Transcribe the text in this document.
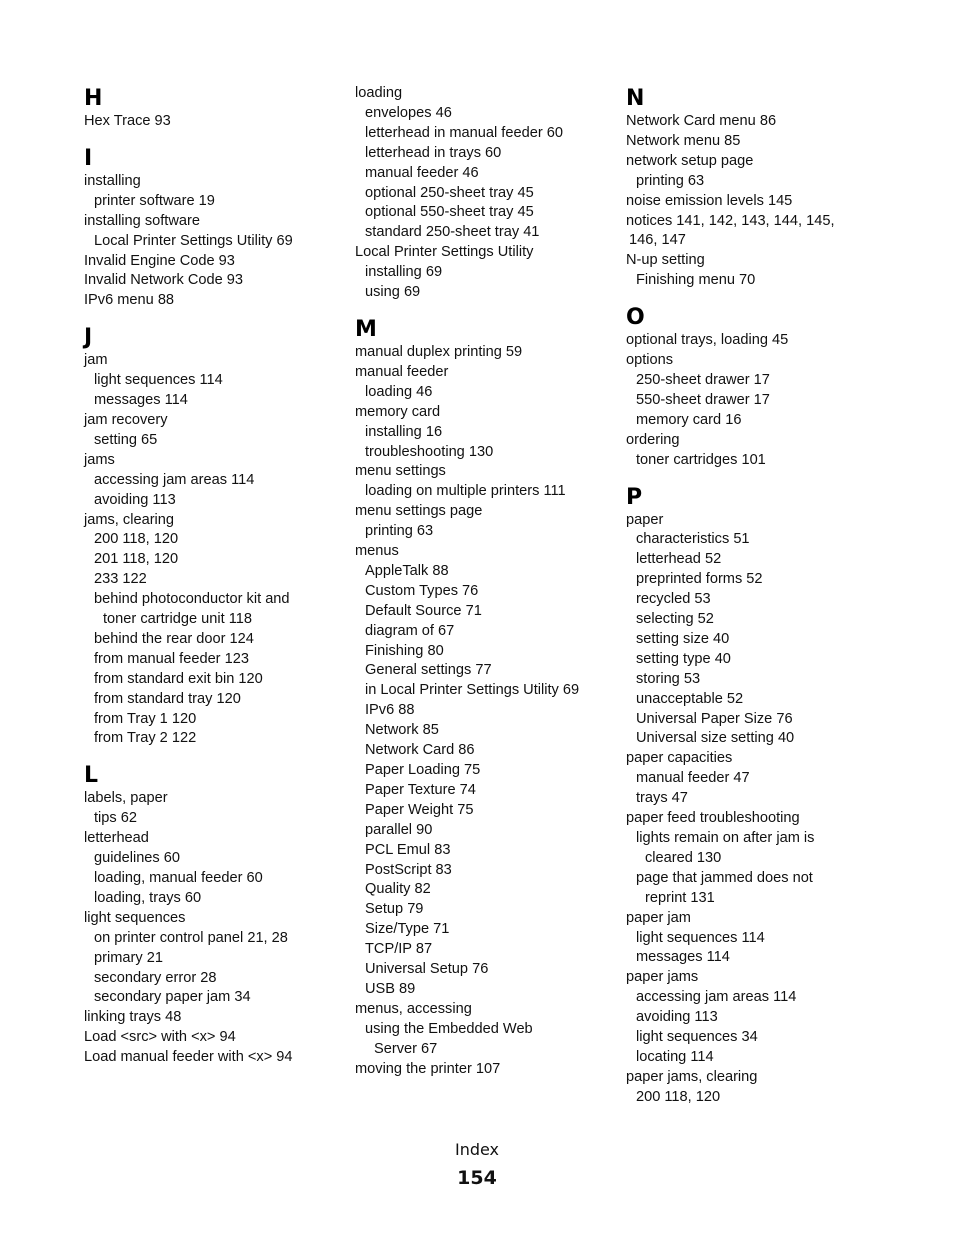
H
Hex Trace 93
I
installing
printer software 19
installing software
Local Printer Settings Utility 69
Invalid Engine Code 93
Invalid Network Code 93
IPv6 menu 88
J
jam
light sequences 114
messages 114
jam recovery
setting 65
jams
accessing jam areas 114
avoiding 113
jams, clearing
200 118, 120
201 118, 120
233 122
behind photoconductor kit and
toner cartridge unit 118
behind the rear door 124
from manual feeder 123
from standard exit bin 120
from standard tray 120
from Tray 1 120
from Tray 2 122
L
labels, paper
tips 62
letterhead
guidelines 60
loading, manual feeder 60
loading, trays 60
light sequences
on printer control panel 21, 28
primary 21
secondary error 28
secondary paper jam 34
linking trays 48
Load <src> with <x> 94
Load manual feeder with <x> 94
loading
envelopes 46
letterhead in manual feeder 60
letterhead in trays 60
manual feeder 46
optional 250-sheet tray 45
optional 550-sheet tray 45
standard 250-sheet tray 41
Local Printer Settings Utility
installing 69
using 69
M
manual duplex printing 59
manual feeder
loading 46
memory card
installing 16
troubleshooting 130
menu settings
loading on multiple printers 111
menu settings page
printing 63
menus
AppleTalk 88
Custom Types 76
Default Source 71
diagram of 67
Finishing 80
General settings 77
in Local Printer Settings Utility 69
IPv6 88
Network 85
Network Card 86
Paper Loading 75
Paper Texture 74
Paper Weight 75
parallel 90
PCL Emul 83
PostScript 83
Quality 82
Setup 79
Size/Type 71
TCP/IP 87
Universal Setup 76
USB 89
menus, accessing
using the Embedded Web
Server 67
moving the printer 107
N
Network Card menu 86
Network menu 85
network setup page
printing 63
noise emission levels 145
notices 141, 142, 143, 144, 145,
146, 147
N-up setting
Finishing menu 70
O
optional trays, loading 45
options
250-sheet drawer 17
550-sheet drawer 17
memory card 16
ordering
toner cartridges 101
P
paper
characteristics 51
letterhead 52
preprinted forms 52
recycled 53
selecting 52
setting size 40
setting type 40
storing 53
unacceptable 52
Universal Paper Size 76
Universal size setting 40
paper capacities
manual feeder 47
trays 47
paper feed troubleshooting
lights remain on after jam is
cleared 130
page that jammed does not
reprint 131
paper jam
light sequences 114
messages 114
paper jams
accessing jam areas 114
avoiding 113
light sequences 34
locating 114
paper jams, clearing
200 118, 120
Index
154
